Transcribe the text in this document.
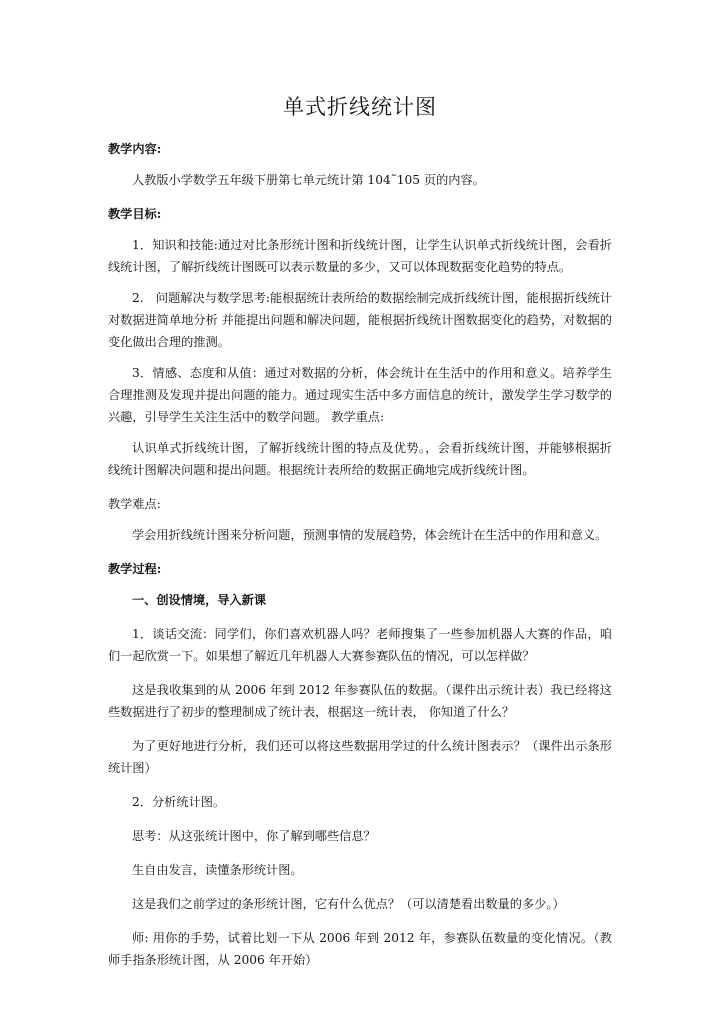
单式折线统计图

教学内容:

人教版小学数学五年级下册第七单元统计第 104˜105 页的内容。

教学目标:

1．知识和技能:通过对比条形统计图和折线统计图，让学生认识单式折线统计图，会看折线统计图，了解折线统计图既可以表示数量的多少，又可以体现数据变化趋势的特点。

2.　问题解决与数学思考:能根据统计表所给的数据绘制完成折线统计图，能根据折线统计对数据进简单地分析 并能提出问题和解决问题，能根据折线统计图数据变化的趋势，对数据的变化做出合理的推测。

3．情感、态度和从值：通过对数据的分析，体会统计在生活中的作用和意义。培养学生合理推测及发现并提出问题的能力。通过现实生活中多方面信息的统计，激发学生学习数学的兴趣，引导学生关注生活中的数学问题。 教学重点:

认识单式折线统计图，了解折线统计图的特点及优势。，会看折线统计图，并能够根据折线统计图解决问题和提出问题。根据统计表所给的数据正确地完成折线统计图。

教学难点:

学会用折线统计图来分析问题，预测事情的发展趋势，体会统计在生活中的作用和意义。

教学过程:

一、创设情境，导入新课

1．谈话交流：同学们，你们喜欢机器人吗？老师搜集了一些参加机器人大赛的作品，咱们一起欣赏一下。如果想了解近几年机器人大赛参赛队伍的情况，可以怎样做？

这是我收集到的从 2006 年到 2012 年参赛队伍的数据。（课件出示统计表）我已经将这些数据进行了初步的整理制成了统计表，根据这一统计表， 你知道了什么？

为了更好地进行分析，我们还可以将这些数据用学过的什么统计图表示？（课件出示条形统计图）

2．分析统计图。

思考：从这张统计图中，你了解到哪些信息？

生自由发言，读懂条形统计图。

这是我们之前学过的条形统计图，它有什么优点？（可以清楚看出数量的多少。）

师: 用你的手势，试着比划一下从 2006 年到 2012 年，参赛队伍数量的变化情况。（教师手指条形统计图，从 2006 年开始）
